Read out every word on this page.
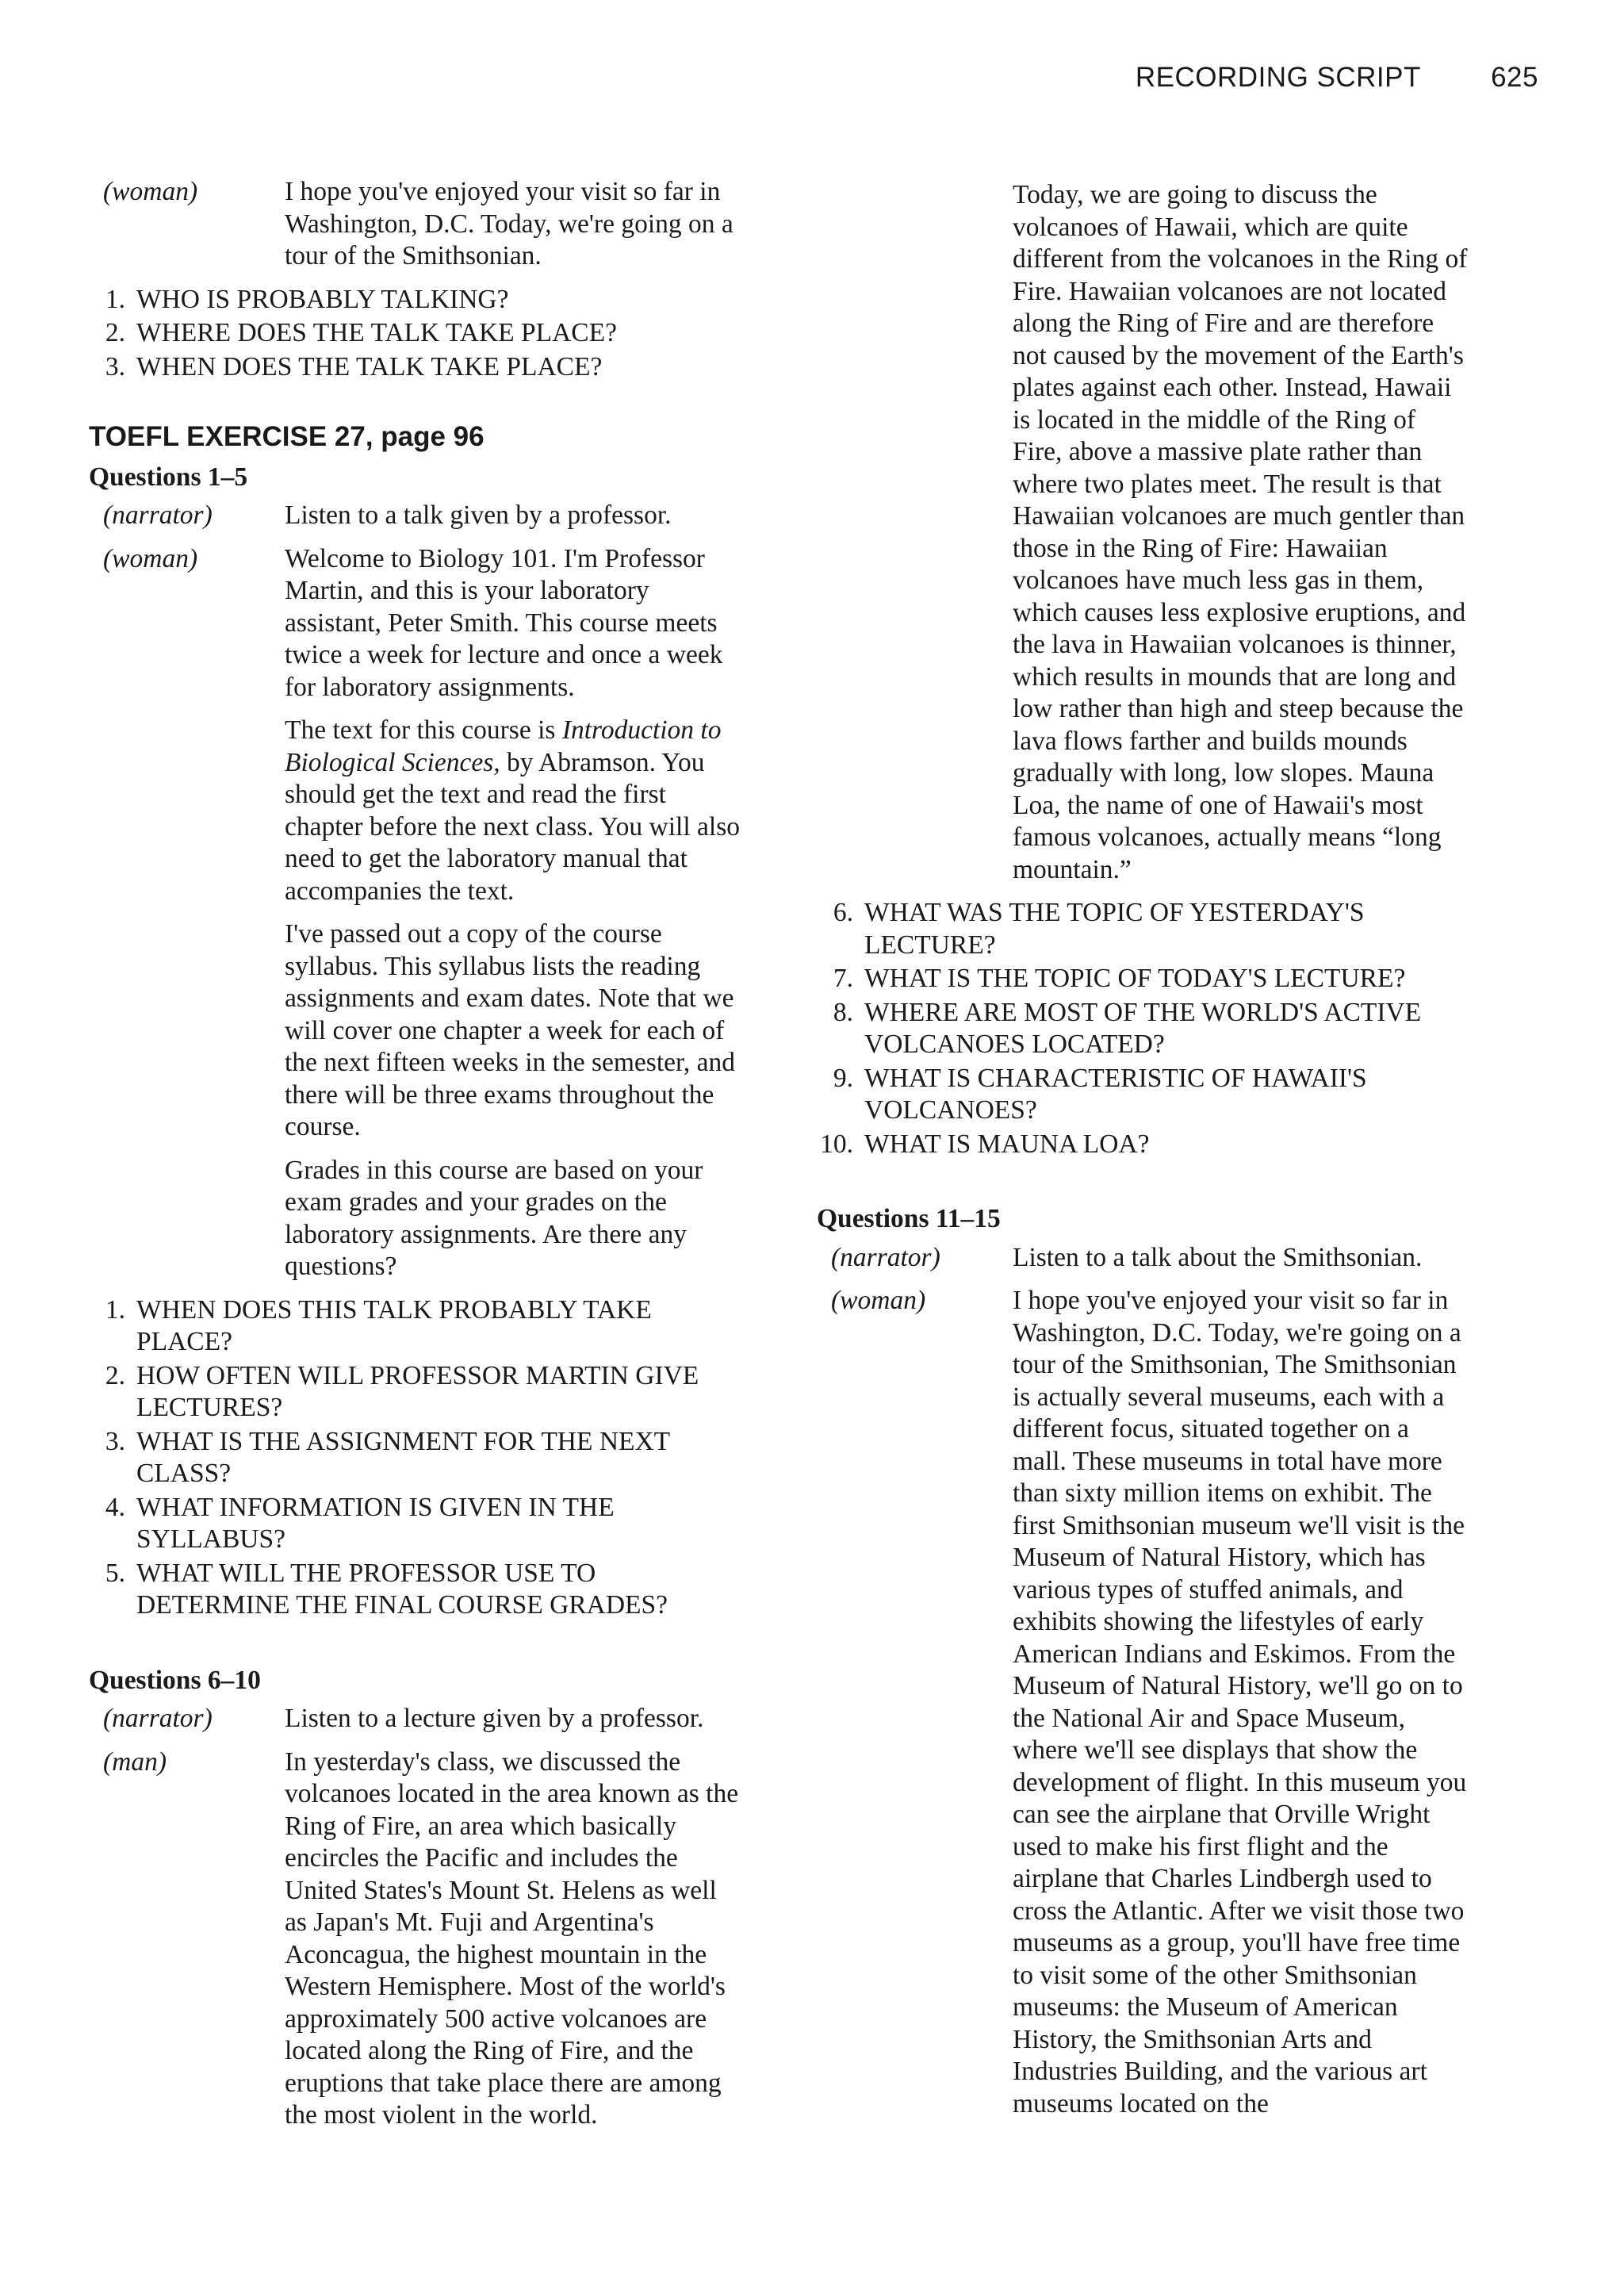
RECORDING SCRIPT	625
(woman)	I hope you've enjoyed your visit so far in Washington, D.C. Today, we're going on a tour of the Smithsonian.

1. WHO IS PROBABLY TALKING?
2. WHERE DOES THE TALK TAKE PLACE?
3. WHEN DOES THE TALK TAKE PLACE?
TOEFL EXERCISE 27, page 96
Questions 1–5
(narrator)	Listen to a talk given by a professor.

(woman)	Welcome to Biology 101. I'm Professor Martin, and this is your laboratory assistant, Peter Smith. This course meets twice a week for lecture and once a week for laboratory assignments.

The text for this course is Introduction to Biological Sciences, by Abramson. You should get the text and read the first chapter before the next class. You will also need to get the laboratory manual that accompanies the text.

I've passed out a copy of the course syllabus. This syllabus lists the reading assignments and exam dates. Note that we will cover one chapter a week for each of the next fifteen weeks in the semester, and there will be three exams throughout the course.

Grades in this course are based on your exam grades and your grades on the laboratory assignments. Are there any questions?

1. WHEN DOES THIS TALK PROBABLY TAKE PLACE?
2. HOW OFTEN WILL PROFESSOR MARTIN GIVE LECTURES?
3. WHAT IS THE ASSIGNMENT FOR THE NEXT CLASS?
4. WHAT INFORMATION IS GIVEN IN THE SYLLABUS?
5. WHAT WILL THE PROFESSOR USE TO DETERMINE THE FINAL COURSE GRADES?
Questions 6–10
(narrator)	Listen to a lecture given by a professor.

(man)	In yesterday's class, we discussed the volcanoes located in the area known as the Ring of Fire, an area which basically encircles the Pacific and includes the United States's Mount St. Helens as well as Japan's Mt. Fuji and Argentina's Aconcagua, the highest mountain in the Western Hemisphere. Most of the world's approximately 500 active volcanoes are located along the Ring of Fire, and the eruptions that take place there are among the most violent in the world.

Today, we are going to discuss the volcanoes of Hawaii, which are quite different from the volcanoes in the Ring of Fire. Hawaiian volcanoes are not located along the Ring of Fire and are therefore not caused by the movement of the Earth's plates against each other. Instead, Hawaii is located in the middle of the Ring of Fire, above a massive plate rather than where two plates meet. The result is that Hawaiian volcanoes are much gentler than those in the Ring of Fire: Hawaiian volcanoes have much less gas in them, which causes less explosive eruptions, and the lava in Hawaiian volcanoes is thinner, which results in mounds that are long and low rather than high and steep because the lava flows farther and builds mounds gradually with long, low slopes. Mauna Loa, the name of one of Hawaii's most famous volcanoes, actually means “long mountain.”

6. WHAT WAS THE TOPIC OF YESTERDAY'S LECTURE?
7. WHAT IS THE TOPIC OF TODAY'S LECTURE?
8. WHERE ARE MOST OF THE WORLD'S ACTIVE VOLCANOES LOCATED?
9. WHAT IS CHARACTERISTIC OF HAWAII'S VOLCANOES?
10. WHAT IS MAUNA LOA?
Questions 11–15
(narrator)	Listen to a talk about the Smithsonian.

(woman)	I hope you've enjoyed your visit so far in Washington, D.C. Today, we're going on a tour of the Smithsonian, The Smithsonian is actually several museums, each with a different focus, situated together on a mall. These museums in total have more than sixty million items on exhibit. The first Smithsonian museum we'll visit is the Museum of Natural History, which has various types of stuffed animals, and exhibits showing the lifestyles of early American Indians and Eskimos. From the Museum of Natural History, we'll go on to the National Air and Space Museum, where we'll see displays that show the development of flight. In this museum you can see the airplane that Orville Wright used to make his first flight and the airplane that Charles Lindbergh used to cross the Atlantic. After we visit those two museums as a group, you'll have free time to visit some of the other Smithsonian museums: the Museum of American History, the Smithsonian Arts and Industries Building, and the various art museums located on the
